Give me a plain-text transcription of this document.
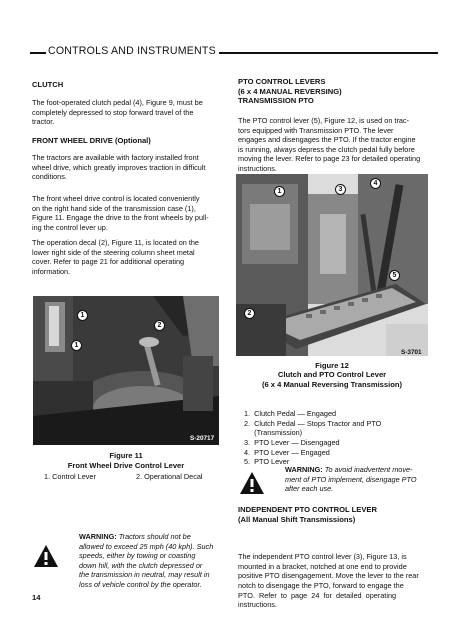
CONTROLS AND INSTRUMENTS
CLUTCH
The foot-operated clutch pedal (4), Figure 9, must be
completely depressed to stop forward travel of the
tractor.
FRONT WHEEL DRIVE (Optional)
The tractors are available with factory installed front
wheel drive, which greatly improves traction in difficult
conditions.
The front wheel drive control is located conveniently
on the right hand side of the transmission case (1),
Figure 11. Engage the drive to the front wheels by pull-
ing the control lever up.
The operation decal (2), Figure 11, is located on the
lower right side of the steering column sheet metal
cover. Refer to page 21 for additional operating
information.
1
2
1
S-20717
Figure 11
Front Wheel Drive Control Lever
1. Control Lever	2. Operational Decal
WARNING: Tractors should not be
allowed to exceed 25 mph (40 kph). Such
speeds, either by towing or coasting
down hill, with the clutch depressed or
the transmission in neutral, may result in
loss of vehicle control by the operator.
14
PTO CONTROL LEVERS
(6 x 4 MANUAL REVERSING)
TRANSMISSION PTO
The PTO control lever (5), Figure 12, is used on trac-
tors equipped with Transmission PTO. The lever
engages and disengages the PTO. If the tractor engine
is running, always depress the clutch pedal fully before
moving the lever. Refer to page 23 for detailed operating
instructions.
1
2
3
4
5
S-3701
Figure 12
Clutch and PTO Control Lever
(6 x 4 Manual Reversing Transmission)

1.  Clutch Pedal — Engaged
2.  Clutch Pedal — Stops Tractor and PTO
(Transmission)
3.  PTO Lever — Disengaged
4.  PTO Lever — Engaged
5.  PTO Lever

WARNING: To avoid inadvertent move-
ment of PTO implement, disengage PTO
after each use.
INDEPENDENT PTO CONTROL LEVER
(All Manual Shift Transmissions)

The independent PTO control lever (3), Figure 13, is
mounted in a bracket, notched at one end to provide
positive PTO disengagement. Move the lever to the rear
notch to disengage the PTO, forward to engage the
PTO.  Refer  to  page  24  for  detailed  operating
instructions.
